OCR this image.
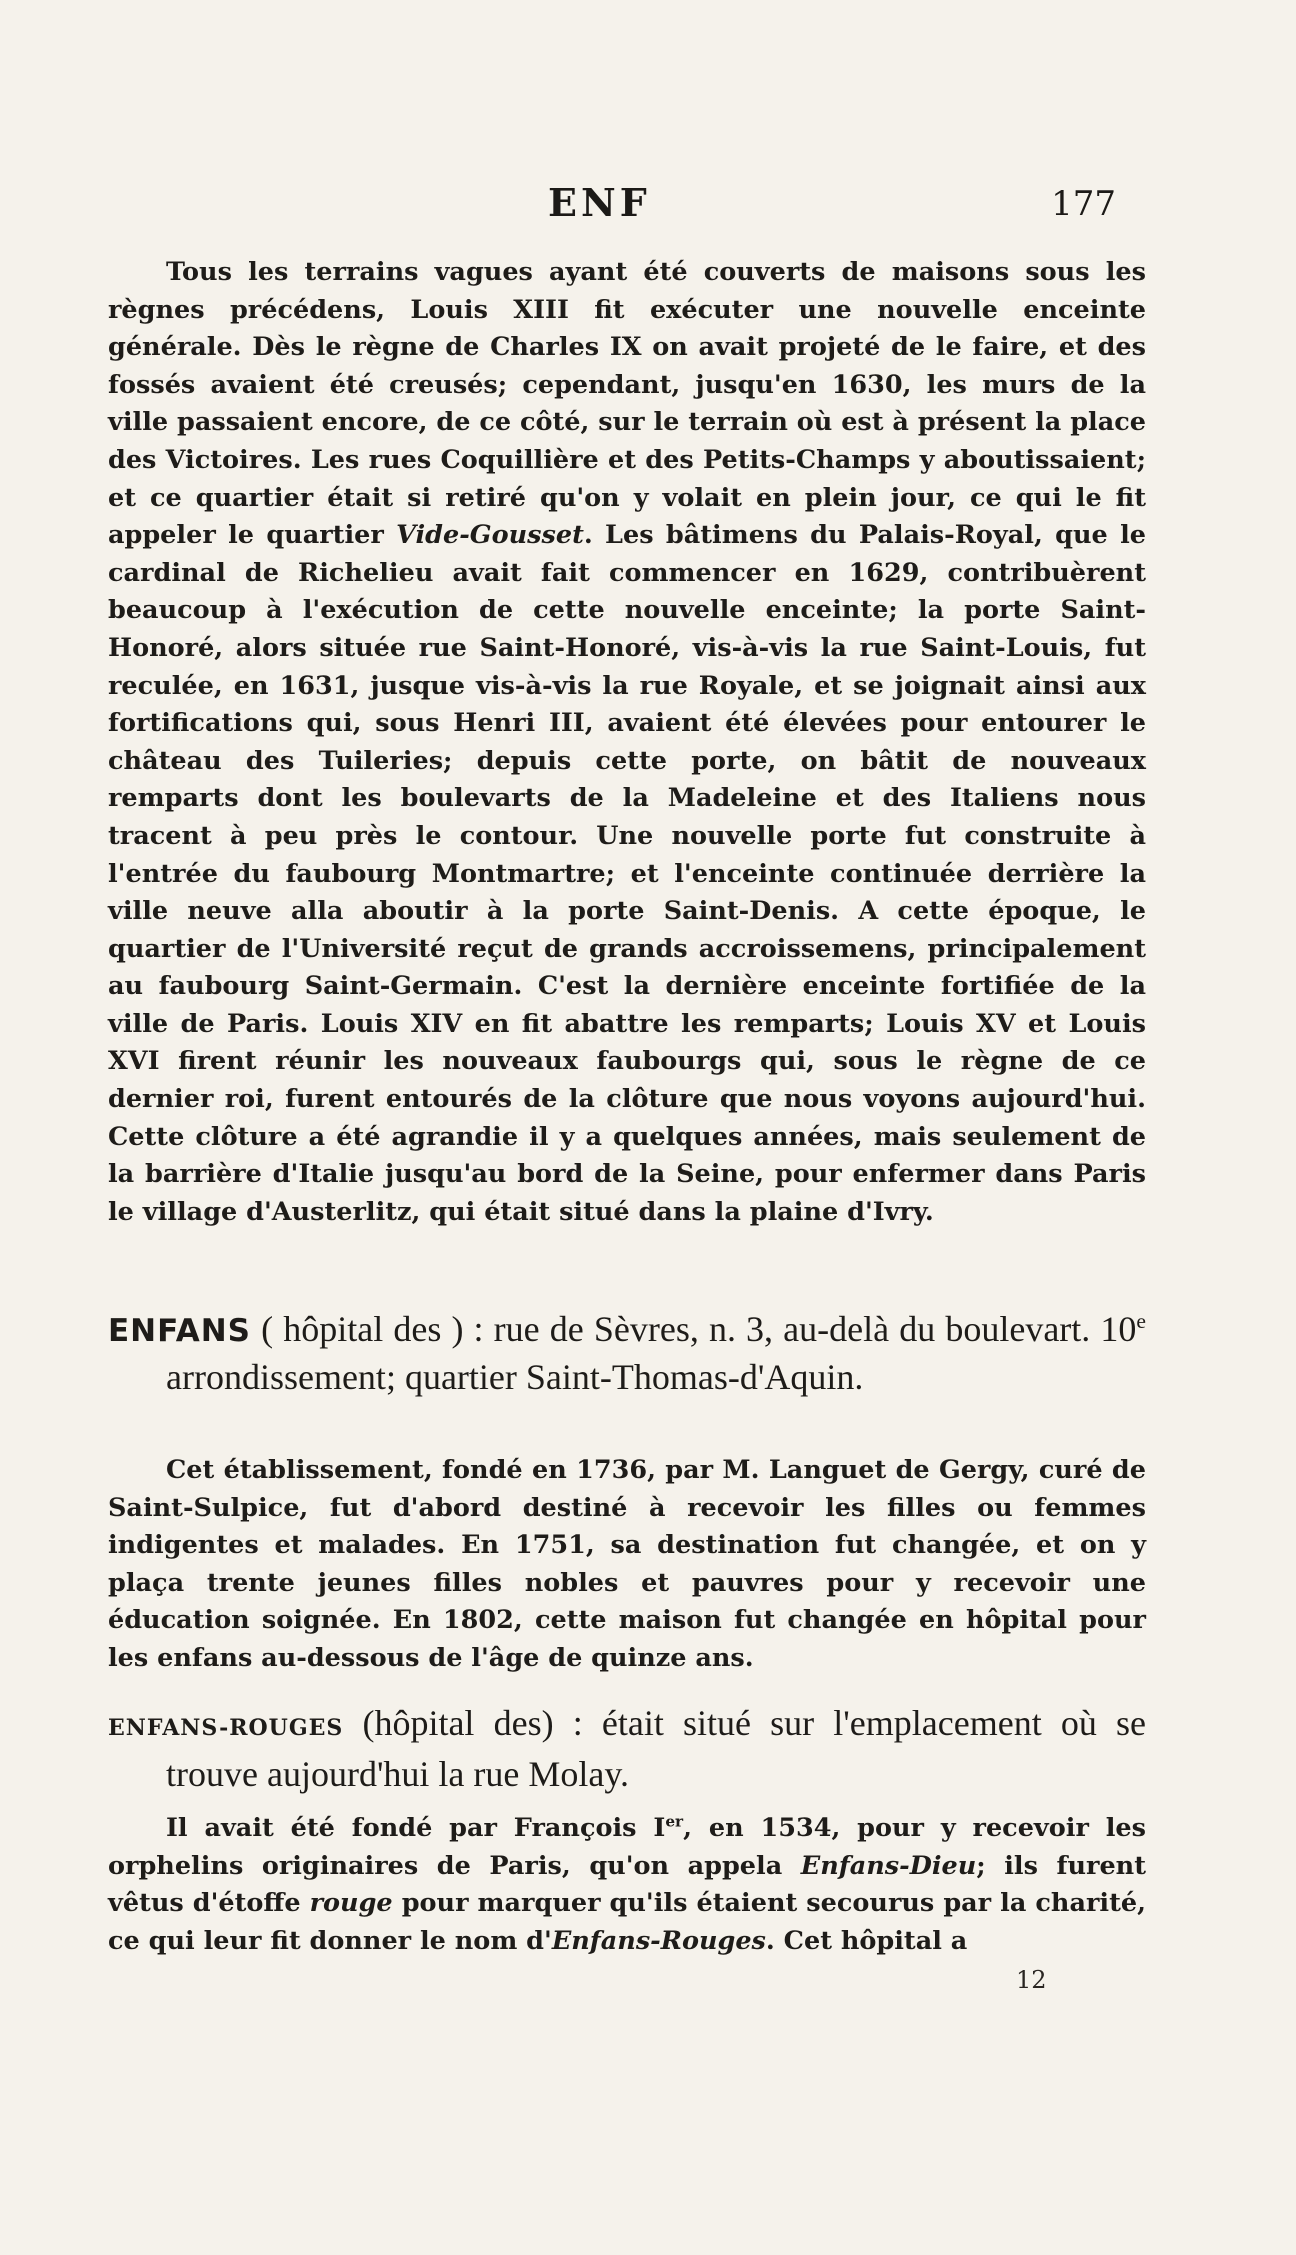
ENF	177

Tous les terrains vagues ayant été couverts de maisons sous les règnes précédens, Louis XIII fit exécuter une nouvelle enceinte générale. Dès le règne de Charles IX on avait projeté de le faire, et des fossés avaient été creusés; cependant, jusqu'en 1630, les murs de la ville passaient encore, de ce côté, sur le terrain où est à présent la place des Victoires. Les rues Coquillière et des Petits-Champs y aboutissaient; et ce quartier était si retiré qu'on y volait en plein jour, ce qui le fit appeler le quartier Vide-Gousset. Les bâtimens du Palais-Royal, que le cardinal de Richelieu avait fait commencer en 1629, contribuèrent beaucoup à l'exécution de cette nouvelle enceinte; la porte Saint-Honoré, alors située rue Saint-Honoré, vis-à-vis la rue Saint-Louis, fut reculée, en 1631, jusque vis-à-vis la rue Royale, et se joignait ainsi aux fortifications qui, sous Henri III, avaient été élevées pour entourer le château des Tuileries; depuis cette porte, on bâtit de nouveaux remparts dont les boulevarts de la Madeleine et des Italiens nous tracent à peu près le contour. Une nouvelle porte fut construite à l'entrée du faubourg Montmartre; et l'enceinte continuée derrière la ville neuve alla aboutir à la porte Saint-Denis. A cette époque, le quartier de l'Université reçut de grands accroissemens, principalement au faubourg Saint-Germain. C'est la dernière enceinte fortifiée de la ville de Paris. Louis XIV en fit abattre les remparts; Louis XV et Louis XVI firent réunir les nouveaux faubourgs qui, sous le règne de ce dernier roi, furent entourés de la clôture que nous voyons aujourd'hui. Cette clôture a été agrandie il y a quelques années, mais seulement de la barrière d'Italie jusqu'au bord de la Seine, pour enfermer dans Paris le village d'Austerlitz, qui était situé dans la plaine d'Ivry.

ENFANS ( hôpital des ) : rue de Sèvres, n. 3, au-delà du boulevart. 10e arrondissement; quartier Saint-Thomas-d'Aquin.

Cet établissement, fondé en 1736, par M. Languet de Gergy, curé de Saint-Sulpice, fut d'abord destiné à recevoir les filles ou femmes indigentes et malades. En 1751, sa destination fut changée, et on y plaça trente jeunes filles nobles et pauvres pour y recevoir une éducation soignée. En 1802, cette maison fut changée en hôpital pour les enfans au-dessous de l'âge de quinze ans.

ENFANS-ROUGES (hôpital des) : était situé sur l'emplacement où se trouve aujourd'hui la rue Molay.

Il avait été fondé par François Ier, en 1534, pour y recevoir les orphelins originaires de Paris, qu'on appela Enfans-Dieu; ils furent vêtus d'étoffe rouge pour marquer qu'ils étaient secourus par la charité, ce qui leur fit donner le nom d'Enfans-Rouges. Cet hôpital a

12
